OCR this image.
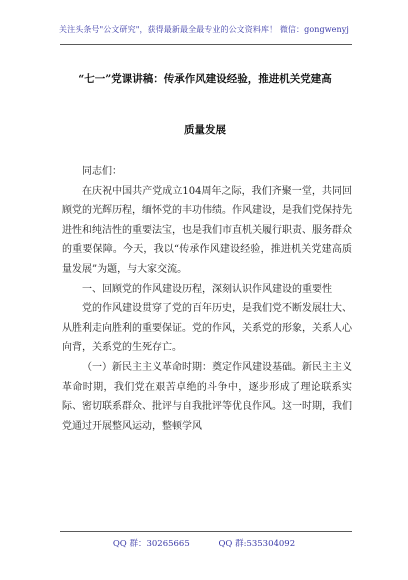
关注头条号"公文研究"，获得最新最全最专业的公文资料库！ 微信：gongwenyj
“七一”党课讲稿：传承作风建设经验，推进机关党建高
质量发展

同志们：

在庆祝中国共产党成立104周年之际，我们齐聚一堂，共同回顾党的光辉历程，缅怀党的丰功伟绩。作风建设，是我们党保持先进性和纯洁性的重要法宝，也是我们市直机关履行职责、服务群众的重要保障。今天，我以“传承作风建设经验，推进机关党建高质量发展”为题，与大家交流。

一、回顾党的作风建设历程，深刻认识作风建设的重要性

党的作风建设贯穿了党的百年历史，是我们党不断发展壮大、从胜利走向胜利的重要保证。党的作风，关系党的形象，关系人心向背，关系党的生死存亡。

（一）新民主主义革命时期：奠定作风建设基础。新民主主义革命时期，我们党在艰苦卓绝的斗争中，逐步形成了理论联系实际、密切联系群众、批评与自我批评等优良作风。这一时期，我们党通过开展整风运动，整顿学风

QQ 群：30265665	QQ 群:535304092
